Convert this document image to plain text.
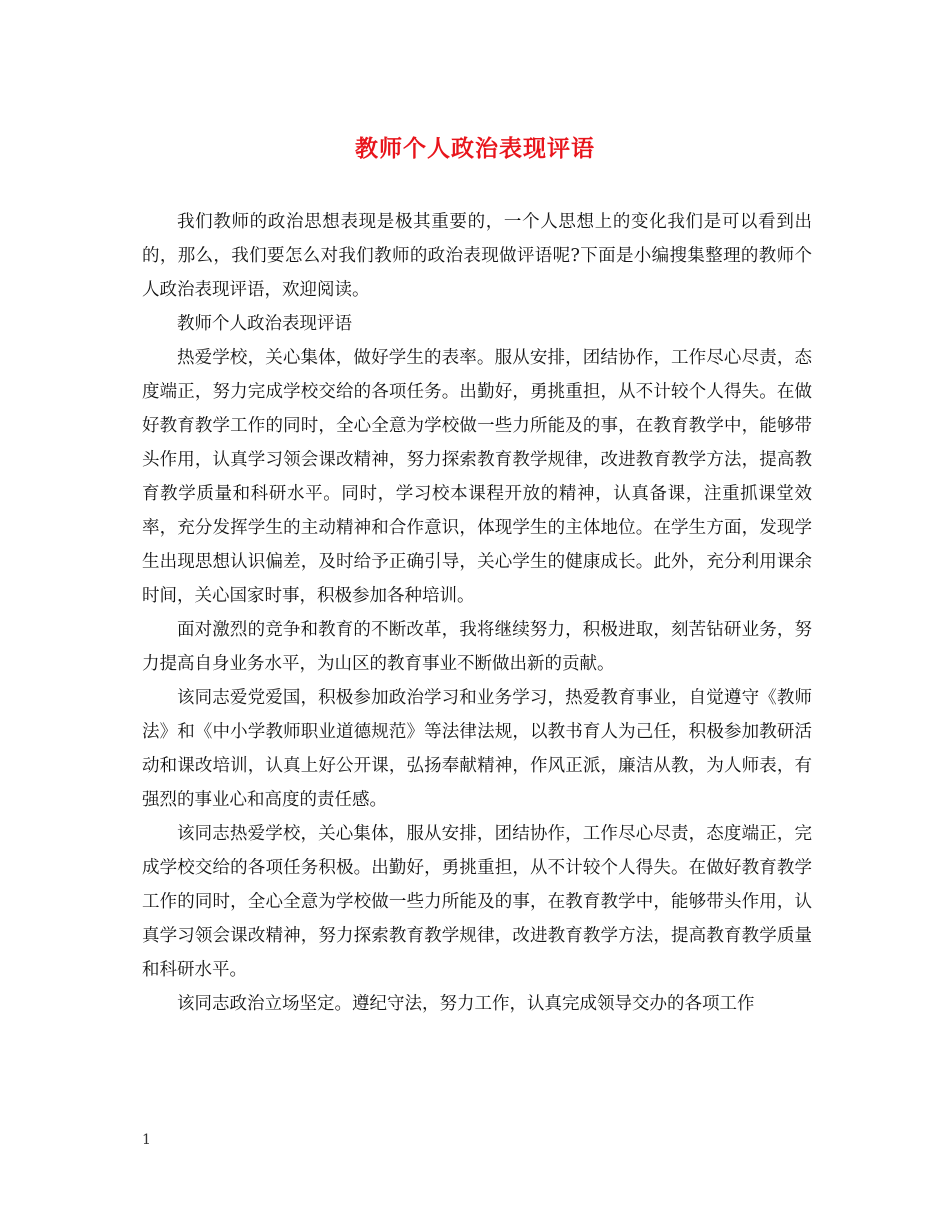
教师个人政治表现评语

我们教师的政治思想表现是极其重要的，一个人思想上的变化我们是可以看到出的，那么，我们要怎么对我们教师的政治表现做评语呢?下面是小编搜集整理的教师个人政治表现评语，欢迎阅读。

教师个人政治表现评语

热爱学校，关心集体，做好学生的表率。服从安排，团结协作，工作尽心尽责，态度端正，努力完成学校交给的各项任务。出勤好，勇挑重担，从不计较个人得失。在做好教育教学工作的同时，全心全意为学校做一些力所能及的事，在教育教学中，能够带头作用，认真学习领会课改精神，努力探索教育教学规律，改进教育教学方法，提高教育教学质量和科研水平。同时，学习校本课程开放的精神，认真备课，注重抓课堂效率，充分发挥学生的主动精神和合作意识，体现学生的主体地位。在学生方面，发现学生出现思想认识偏差，及时给予正确引导，关心学生的健康成长。此外，充分利用课余时间，关心国家时事，积极参加各种培训。

面对激烈的竞争和教育的不断改革，我将继续努力，积极进取，刻苦钻研业务，努力提高自身业务水平，为山区的教育事业不断做出新的贡献。

该同志爱党爱国，积极参加政治学习和业务学习，热爱教育事业，自觉遵守《教师法》和《中小学教师职业道德规范》等法律法规，以教书育人为己任，积极参加教研活动和课改培训，认真上好公开课，弘扬奉献精神，作风正派，廉洁从教，为人师表，有强烈的事业心和高度的责任感。

该同志热爱学校，关心集体，服从安排，团结协作，工作尽心尽责，态度端正，完成学校交给的各项任务积极。出勤好，勇挑重担，从不计较个人得失。在做好教育教学工作的同时，全心全意为学校做一些力所能及的事，在教育教学中，能够带头作用，认真学习领会课改精神，努力探索教育教学规律，改进教育教学方法，提高教育教学质量和科研水平。

该同志政治立场坚定。遵纪守法，努力工作，认真完成领导交办的各项工作

1
